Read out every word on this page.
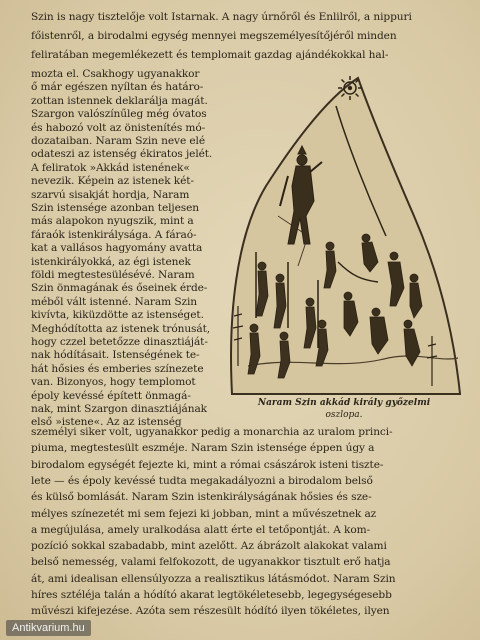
Szin is nagy tisztelője volt Istarnak. A nagy úrnőről és Enlilről, a nippuri
főistenről, a birodalmi egység mennyei megszemélyesítőjéről minden
feliratában megemlékezett és templomait gazdag ajándékokkal hal-
mozta el. Csakhogy ugyanakkor
ő már egészen nyíltan és határo-
zottan istennek deklarálja magát.
Szargon valószínűleg még óvatos
és habozó volt az önistenítés mó-
dozataiban. Naram Szin neve elé
odateszi az istenség ékiratos jelét.
A feliratok »Akkád istenének«
nevezik. Képein az istenek két-
szarvú sisakját hordja, Naram
Szin istensége azonban teljesen
más alapokon nyugszik, mint a
fáraók istenkirálysága. A fáraó-
kat a vallásos hagyomány avatta
istenkirályokká, az égi istenek
földi megtestesülésévé. Naram
Szin önmagának és őseinek érde-
méből vált istenné. Naram Szin
kivívta, kiküzdötte az istenséget.
Meghódította az istenek trónusát,
hogy czzel betetőzze dinasztiáját-
nak hódításait. Istenségének te-
hát hősies és emberies színezete
van. Bizonyos, hogy templomot
époly kevéssé épített önmagá-
nak, mint Szargon dinasztiájának
első »istene«. Az az istenség
Naram Szin akkád király győzelmi
oszlopa.
személyi siker volt, ugyanakkor pedig a monarchia az uralom princi-
piuma, megtestesült eszméje. Naram Szin istensége éppen úgy a
birodalom egységét fejezte ki, mint a római császárok isteni tiszte-
lete — és époly kevéssé tudta megakadályozni a birodalom belső
és külső bomlását. Naram Szin istenkirályságának hősies és sze-
mélyes színezetét mi sem fejezi ki jobban, mint a művészetnek az
a megújulása, amely uralkodása alatt érte el tetőpontját. A kom-
pozíció sokkal szabadabb, mint azelőtt. Az ábrázolt alakokat valami
belső nemesség, valami felfokozott, de ugyanakkor tisztult erő hatja
át, ami idealisan ellensúlyozza a realisztikus látásmódot. Naram Szin
híres sztéléja talán a hódító akarat legtökéletesebb, legegységesebb
művészi kifejezése. Azóta sem részesült hódító ilyen tökéletes, ilyen
Antikvarium.hu
